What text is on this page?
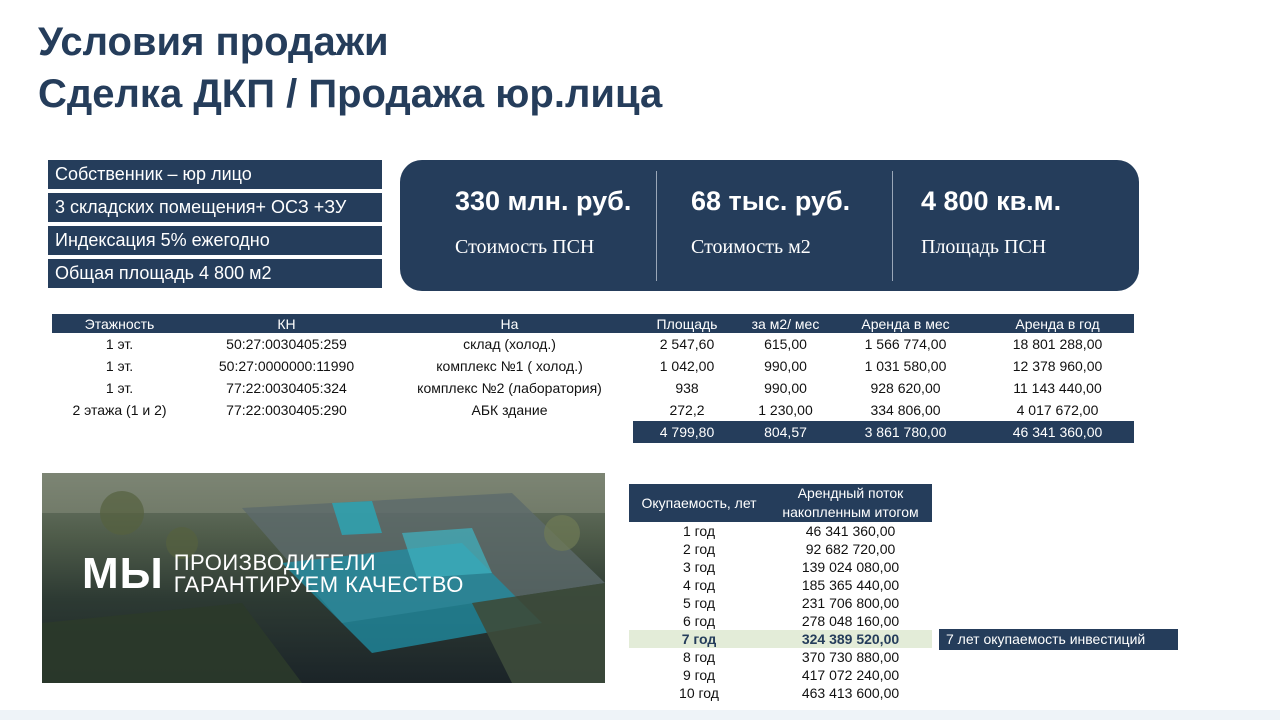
Условия продажи
Сделка ДКП / Продажа юр.лица
Собственник – юр лицо
3 складских помещения+ ОСЗ +ЗУ
Индексация 5% ежегодно
Общая площадь 4 800 м2
330 млн. руб.
Стоимость ПСН
68 тыс. руб.
Стоимость м2
4 800 кв.м.
Площадь ПСН
Этажность	КН	На	Площадь	за м2/ мес	Аренда в мес	Аренда в год
1 эт.	50:27:0030405:259	склад (холод.)	2 547,60	615,00	1 566 774,00	18 801 288,00
1 эт.	50:27:0000000:11990	комплекс №1 ( холод.)	1 042,00	990,00	1 031 580,00	12 378 960,00
1 эт.	77:22:0030405:324	комплекс №2 (лаборатория)	938	990,00	928 620,00	11 143 440,00
2 этажа (1 и 2)	77:22:0030405:290	АБК здание	272,2	1 230,00	334 806,00	4 017 672,00
			4 799,80	804,57	3 861 780,00	46 341 360,00
МЫ ПРОИЗВОДИТЕЛИ
ГАРАНТИРУЕМ КАЧЕСТВО
Окупаемость, лет	Арендный поток
накопленным итогом

1 год	46 341 360,00
2 год	92 682 720,00
3 год	139 024 080,00
4 год	185 365 440,00
5 год	231 706 800,00
6 год	278 048 160,00
7 год	324 389 520,00
8 год	370 730 880,00
9 год	417 072 240,00
10 год	463 413 600,00
7 лет окупаемость инвестиций
